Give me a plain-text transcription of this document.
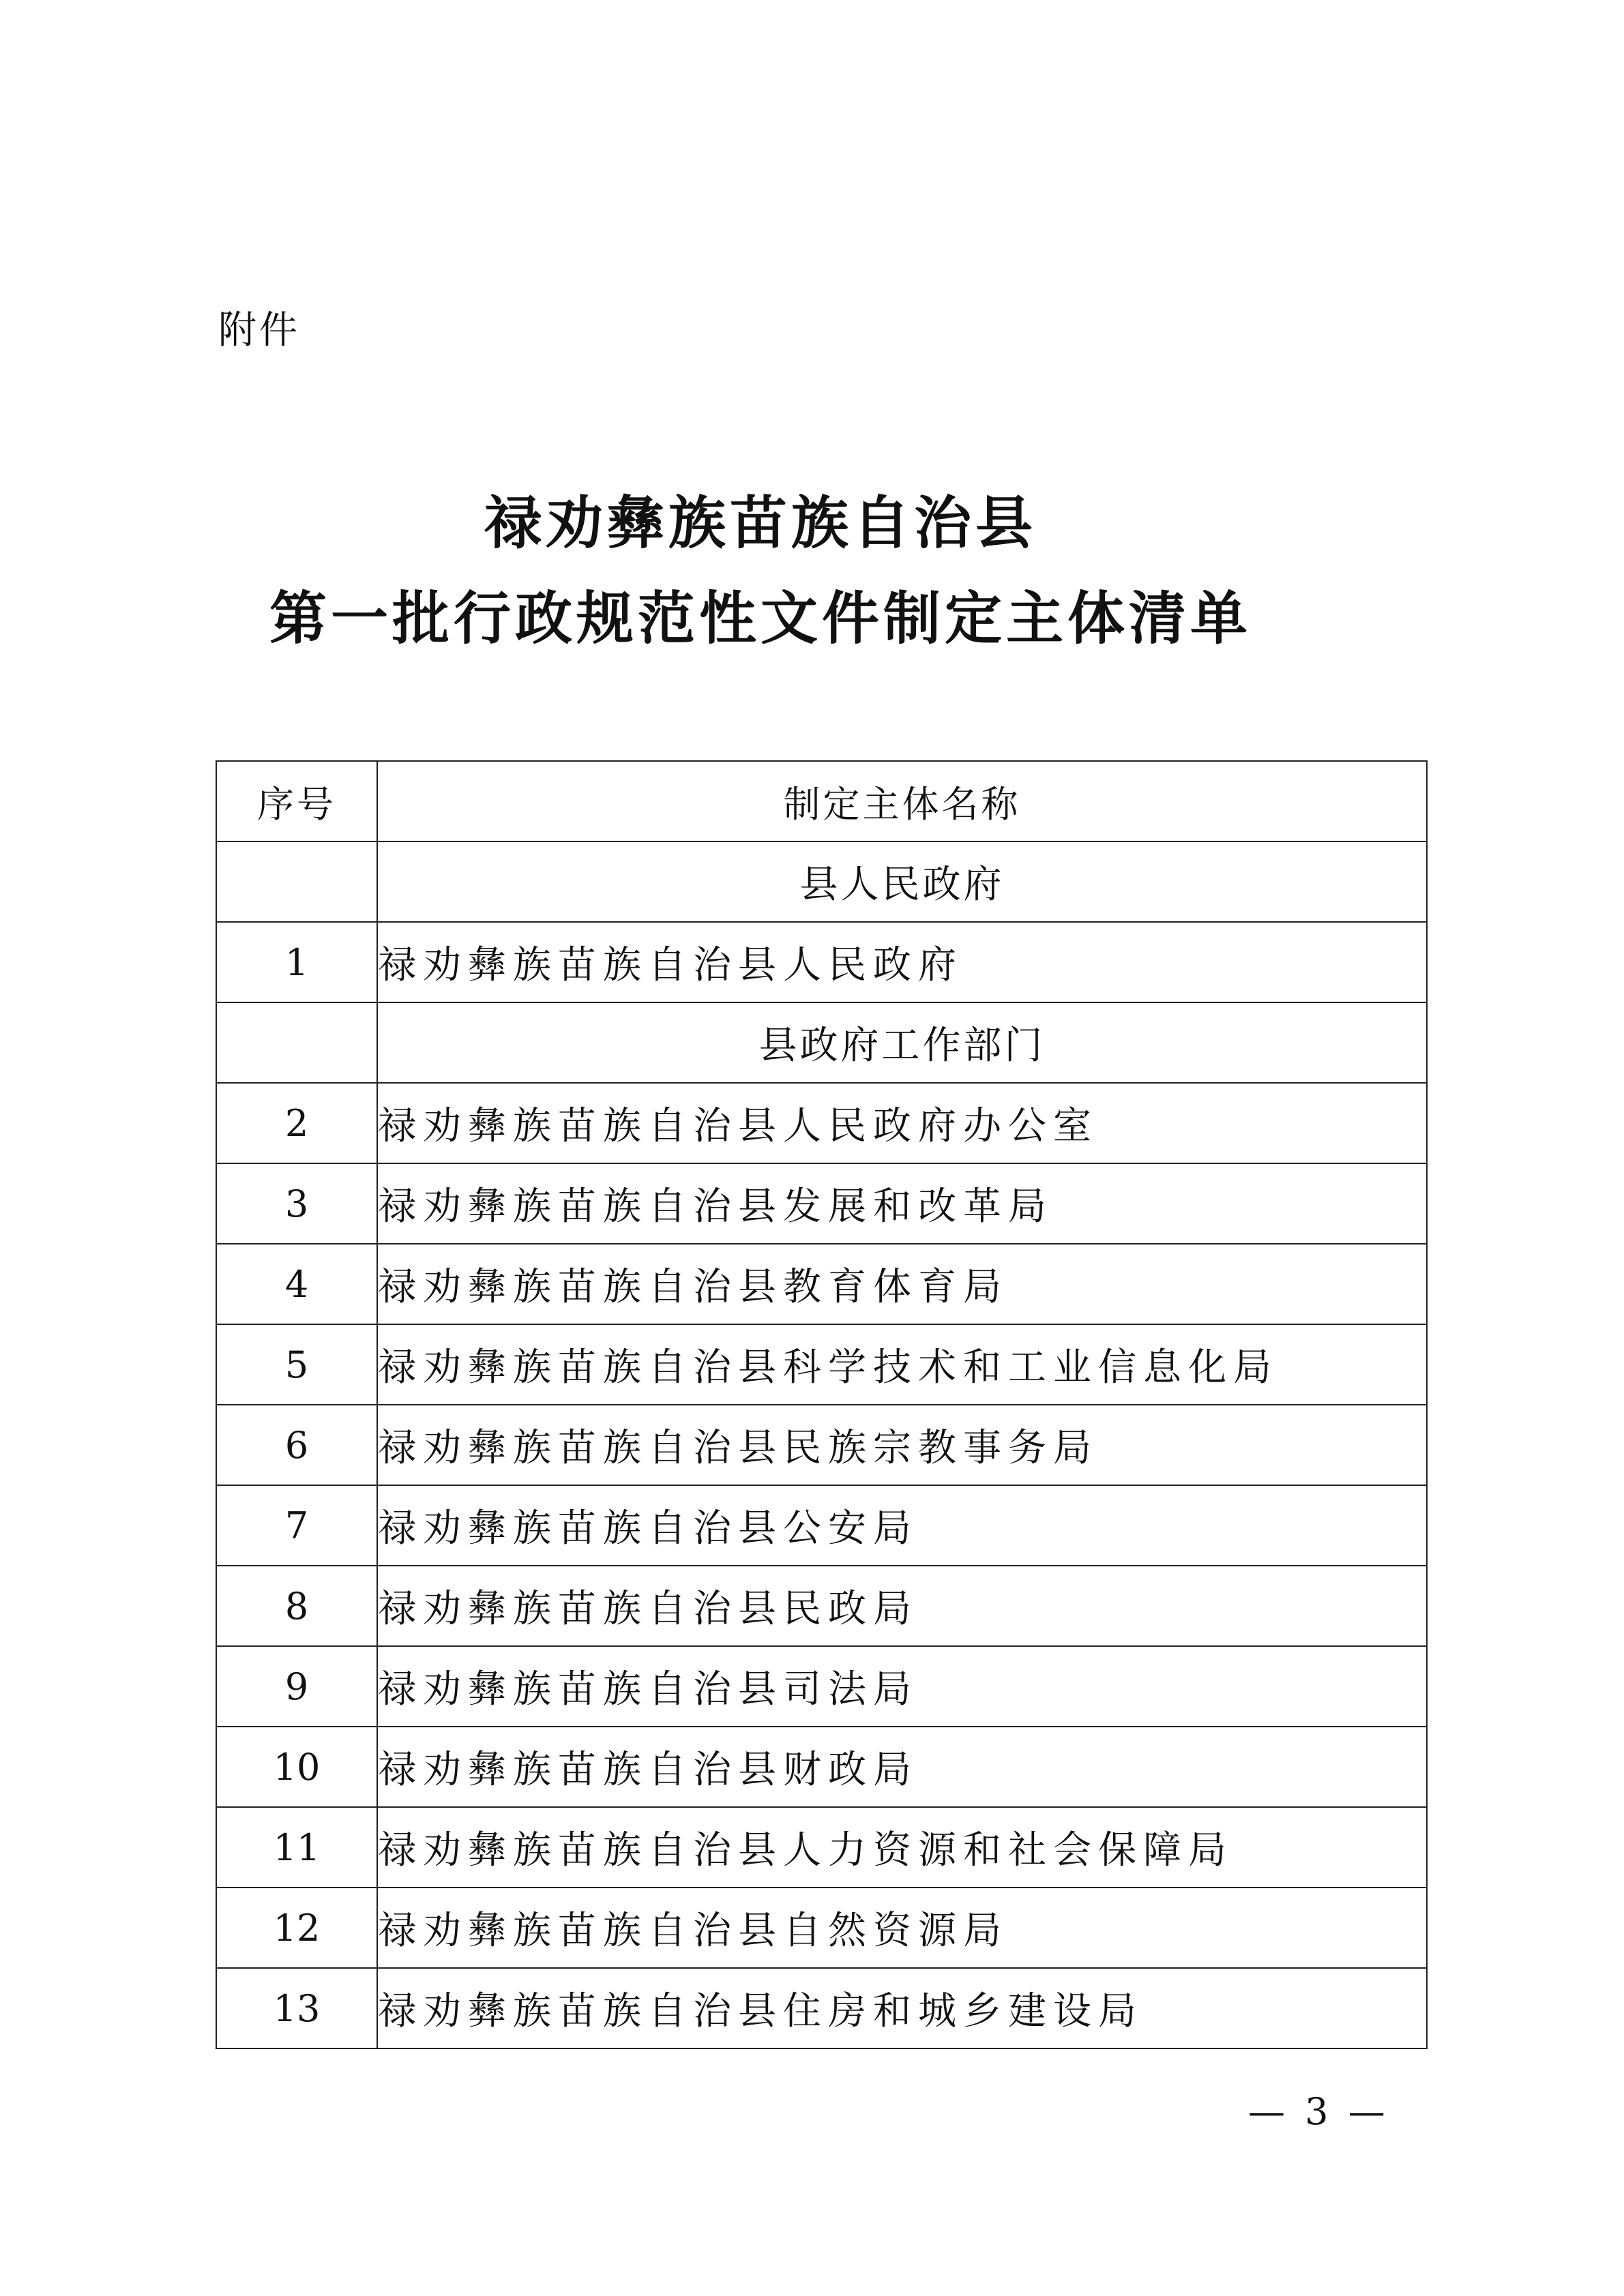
附件
禄劝彝族苗族自治县
第一批行政规范性文件制定主体清单
序号	制定主体名称
	县人民政府
1	禄劝彝族苗族自治县人民政府
	县政府工作部门
2	禄劝彝族苗族自治县人民政府办公室
3	禄劝彝族苗族自治县发展和改革局
4	禄劝彝族苗族自治县教育体育局
5	禄劝彝族苗族自治县科学技术和工业信息化局
6	禄劝彝族苗族自治县民族宗教事务局
7	禄劝彝族苗族自治县公安局
8	禄劝彝族苗族自治县民政局
9	禄劝彝族苗族自治县司法局
10	禄劝彝族苗族自治县财政局
11	禄劝彝族苗族自治县人力资源和社会保障局
12	禄劝彝族苗族自治县自然资源局
13	禄劝彝族苗族自治县住房和城乡建设局
— 3 —
